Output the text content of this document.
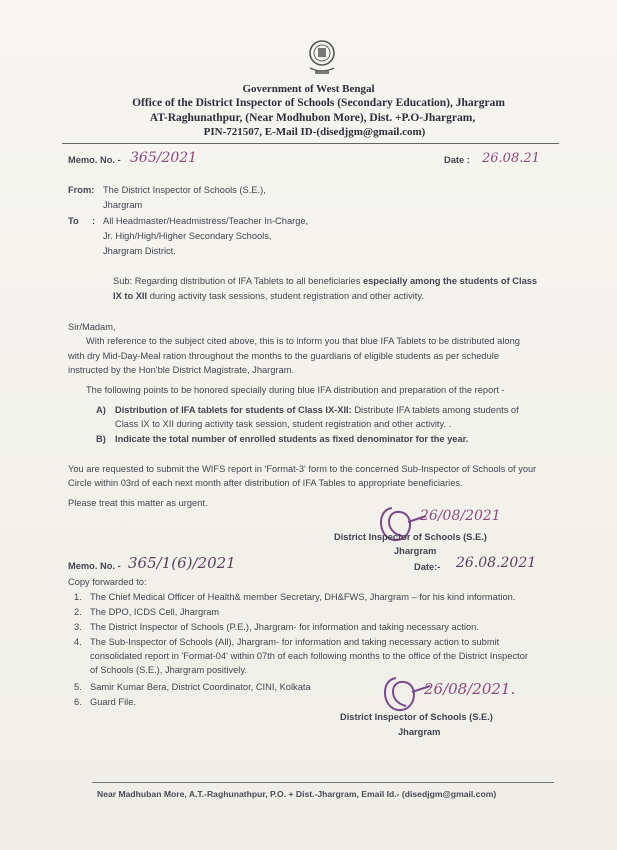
Government of West Bengal
Office of the District Inspector of Schools (Secondary Education), Jhargram
AT-Raghunathpur, (Near Modhubon More), Dist. +P.O-Jhargram,
PIN-721507, E-Mail ID-(disedjgm@gmail.com)
Memo. No. - 365/2021	Date : 26.08.21
From: The District Inspector of Schools (S.E.),
Jhargram
To : All Headmaster/Headmistress/Teacher In-Charge,
Jr. High/High/Higher Secondary Schools,
Jhargram District.
Sub: Regarding distribution of IFA Tablets to all beneficiaries especially among the students of Class
IX to XII during activity task sessions, student registration and other activity.
Sir/Madam,
With reference to the subject cited above, this is to inform you that blue IFA Tablets to be distributed along
with dry Mid-Day-Meal ration throughout the months to the guardians of eligible students as per schedule
instructed by the Hon'ble District Magistrate, Jhargram.
The following points to be honored specially during blue IFA distribution and preparation of the report -
A) Distribution of IFA tablets for students of Class IX-XII: Distribute IFA tablets among students of
Class IX to XII during activity task session, student registration and other activity. .
B) Indicate the total number of enrolled students as fixed denominator for the year.
You are requested to submit the WIFS report in 'Format-3' form to the concerned Sub-Inspector of Schools of your
Circle within 03rd of each next month after distribution of IFA Tables to appropriate beneficiaries.
Please treat this matter as urgent.
26/08/2021
District Inspector of Schools (S.E.)
Jhargram
Memo. No. - 365/1(6)/2021	Date:- 26.08.2021
Copy forwarded to:
1. The Chief Medical Officer of Health& member Secretary, DH&FWS, Jhargram – for his kind information.
2. The DPO, ICDS Cell, Jhargram
3. The District Inspector of Schools (P.E.), Jhargram- for information and taking necessary action.
4. The Sub-Inspector of Schools (All), Jhargram- for information and taking necessary action to submit
consolidated report in 'Format-04' within 07th of each following months to the office of the District Inspector
of Schools (S.E.), Jhargram positively.
5. Samir Kumar Bera, District Coordinator, CINI, Kolkata
6. Guard File.
26/08/2021.
District Inspector of Schools (S.E.)
Jhargram
Near Madhuban More, A.T.-Raghunathpur, P.O. + Dist.-Jhargram, Email Id.- (disedjgm@gmail.com)
